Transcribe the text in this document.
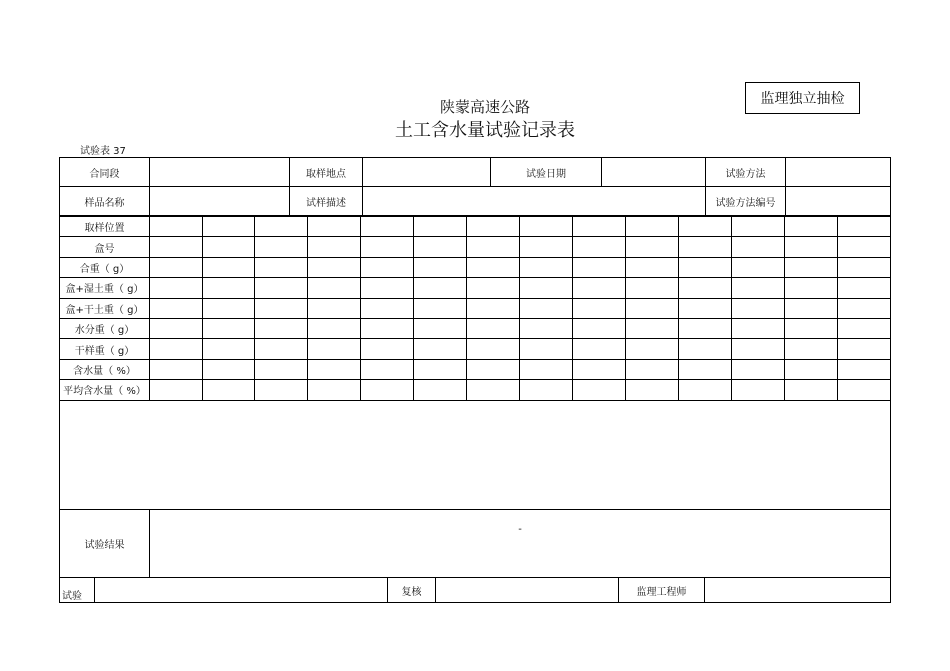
监理独立抽检
陕蒙高速公路
土工含水量试验记录表
试验表 37
合同段		取样地点		试验日期		试验方法	
样品名称		试样描述				试验方法编号	
取样位置														
盒号														
合重（ g）														
盒+湿土重（ g）														
盒+干土重（ g）														
水分重（ g）														
干样重（ g）														
含水量（ %）														
平均含水量（ %）														

试验结果	
-
试验		复核		监理工程师	
